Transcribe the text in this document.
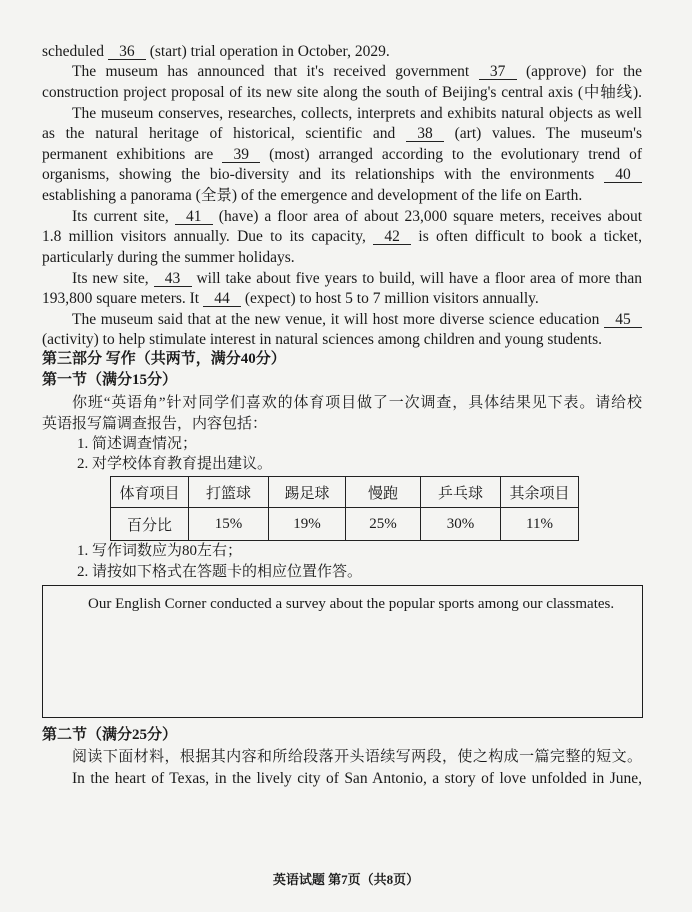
scheduled 36 (start) trial operation in October, 2029.
The museum has announced that it's received government 37 (approve) for the
construction project proposal of its new site along the south of Beijing's central axis (中轴线).
The museum conserves, researches, collects, interprets and exhibits natural objects as well
as the natural heritage of historical, scientific and 38 (art) values. The museum's
permanent exhibitions are 39 (most) arranged according to the evolutionary trend of
organisms, showing the bio-diversity and its relationships with the environments 40
establishing a panorama (全景) of the emergence and development of the life on Earth.
Its current site, 41 (have) a floor area of about 23,000 square meters, receives about
1.8 million visitors annually. Due to its capacity, 42 is often difficult to book a ticket,
particularly during the summer holidays.
Its new site, 43 will take about five years to build, will have a floor area of more than
193,800 square meters. It 44 (expect) to host 5 to 7 million visitors annually.
The museum said that at the new venue, it will host more diverse science education 45
(activity) to help stimulate interest in natural sciences among children and young students.
第三部分 写作（共两节，满分40分）
第一节（满分15分）
你班“英语角”针对同学们喜欢的体育项目做了一次调查，具体结果见下表。请给校
英语报写篇调查报告，内容包括：
1. 简述调查情况；
2. 对学校体育教育提出建议。
体育项目	打篮球	踢足球	慢跑	乒乓球	其余项目
百分比	15%	19%	25%	30%	11%
1. 写作词数应为80左右；
2. 请按如下格式在答题卡的相应位置作答。
Our English Corner conducted a survey about the popular sports among our classmates.
第二节（满分25分）
阅读下面材料，根据其内容和所给段落开头语续写两段，使之构成一篇完整的短文。
In the heart of Texas, in the lively city of San Antonio, a story of love unfolded in June,
英语试题 第7页（共8页）
